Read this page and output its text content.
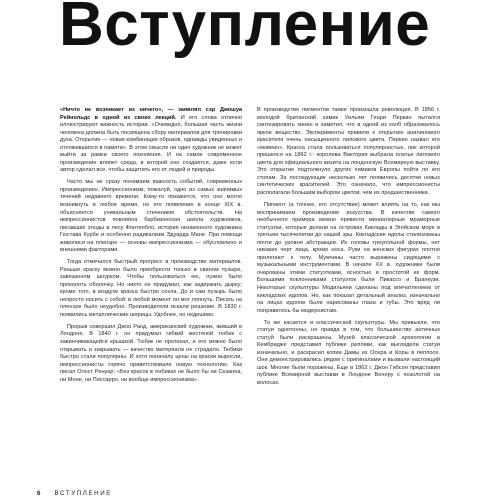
Вступление

«Ничто не возникает из ничего», — заявлял сэр Джошуа Рейнольдс в одной из своих лекций. И его слова отлично иллюстрируют важность истории. «Очевидно, большая часть жизни человека должна быть посвящена сбору материалов для тренировки духа. Открытие — новая комбинация образов, однажды увиденных и отложившихся в памяти». В этом смысле ни один художник не может выйти за рамки своего поколения. И на самое современное произведение влияет среда, в которой оно создается, даже если автор сделал все, чтобы защитить его от людей и природы.

Часто мы не сразу понимаем важность событий, современных произведению. Импрессионизм, пожалуй, одно из самых значимых течений недавнего времени. Кому-то покажется, что оно могло возникнуть в любое время, но его появление в конце XIX в. объясняется уникальным стечением обстоятельств. На импрессионистов повлияла барбизонская школа художников, писавших этюды в лесу Фонтенбло, история незаконного художника Гюстава Курбе и особенно радикализм Эдуарда Мане. При помощи живописи на пленэре — основы импрессионизма — обусловлено и внешними факторами.

Тогда отмечался быстрый прогресс в производстве материалов. Раньше краску можно было приобрести только в свином пузыре, завязанном шнурком. Чтобы пользоваться ею, нужно было проколоть оболочку. Но никто не придумал, как задержать дырку; кроме того, в воздухе краска быстро сохла. До и сам пузырь было непросто носить с собой: в любой момент он мог лопнуть. Писать на пленэре было неудобно. Производители искали решение. В 1830 г. появились металлические шприцы. Удобнее, но недешево.

Прорыв совершил Джон Ранд, американский художник, живший в Лондоне. В 1840 г. он придумал гибкий жестяной тюбик с завинчивающейся крышкой. Тюбик не протекал, и его можно было открывать и закрывать — качество материала не страдало. Тюбики быстро стали популярны. И хотя поначалу цены на краски выросли, импрессионисты горячо приветствовали новую технологию. Как писал Огюст Ренуар: «Без красок в тюбиках не было бы ни Сезанна, ни Моне, ни Писсарро, ни вообще импрессионизма».

В производстве пигментов также произошла революция. В 1856 г. молодой британский химик Уильям Генри Перкин пытался синтезировать хинин и заметил, что в одной из колб образовалось яркое вещество. Эксперименты привели к открытию анилинового красителя очень насыщенного лилового цвета. Перкин назвал его «мовеин». Краска стала пользоваться популярностью, пик которой пришелся на 1862 г.: королева Виктория выбрала платье лилового цвета для официального визита на лондонскую Всемирную выставку. Это открытие подтолкнуло других химиков Европы пойти по его стопам. За последующие несколько лет появились десятки новых синтетических красителей. Это означало, что импрессионисты располагали большим выбором цветов, чем их предшественники.

Пигмент (а точнее, его отсутствие) может влиять на то, как мы воспринимаем произведение искусства. В качестве самого необычного примера можно привести миниатюрные мраморные статуэтки, которые делали на островах Киклады в Эгейском море в третьем тысячелетии до нашей эры. Кикладские идолы стилизованы почти до уровня абстракции. Их головы треугольной формы, нет никаких черт лица, кроме носа. Руки на женских фигурах плотно прилегают к телу. Мужчины часто выражены сидящими с музыкальными инструментами. В начале XX в. художники были очарованы этими статуэтками, ясностью и простотой их форм. Большими поклонниками статуэток были Пикассо и Бранкузи. Некоторые скульптуры Модильяни сделаны под впечатлением от кикладских идолов. Но, как показал детальный анализ, изначально на лицах идолов были нарисованы глаза и губы. Это вряд ли понравилось бы модернистам.

То же касается и классической скульптуры. Мы привыкли, что статуи однотонны, но правда в том, что большинство античных статуй были раскрашены. Музей классической археологии в Кембридже представил публике реплики, как выглядели статуи изначально, и раскрасил копии Дамы из Осера и Коры в пеплосе. Они демонстрировались рядом с оригиналами и вызвали настоящий шок. Многие были поражены. Еще в 1862 г. Джон Гибсон представил публике Всемирной выставки в Лондоне Венеру с позолотой на волосах.

6 ВСТУПЛЕНИЕ
